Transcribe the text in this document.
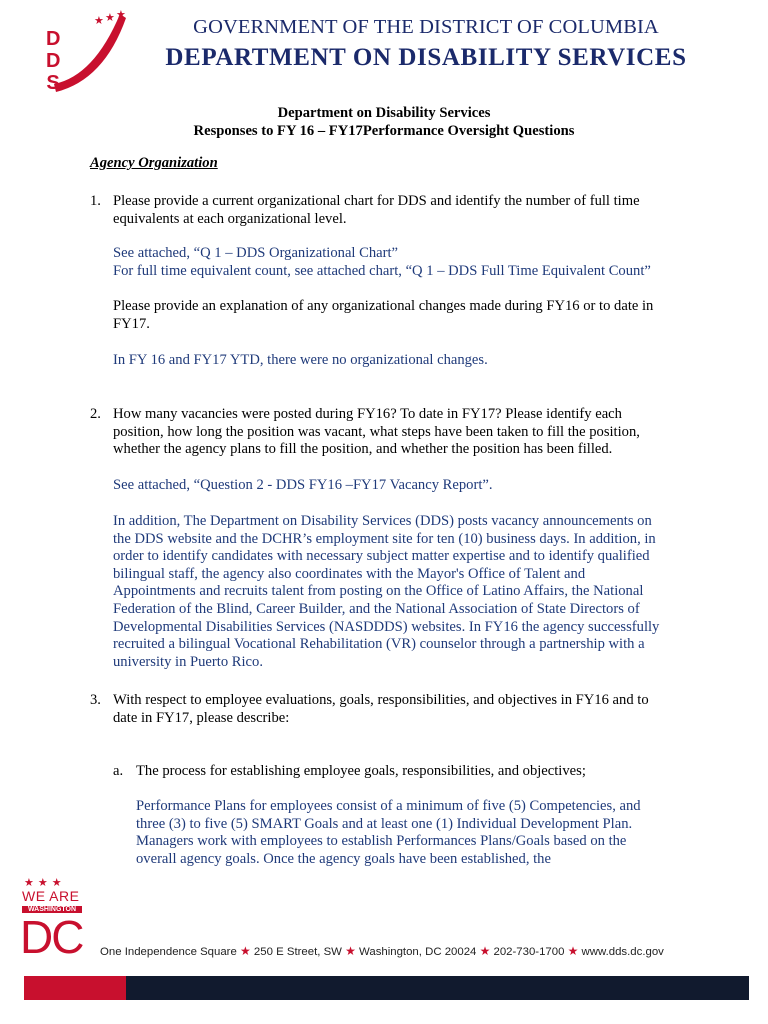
★ ★ ★
DDS
GOVERNMENT OF THE DISTRICT OF COLUMBIA
DEPARTMENT ON DISABILITY SERVICES
Department on Disability Services
Responses to FY 16 – FY17Performance Oversight Questions
Agency Organization
1. Please provide a current organizational chart for DDS and identify the number of full time
equivalents at each organizational level.
See attached, “Q 1 – DDS Organizational Chart”
For full time equivalent count, see attached chart, “Q 1 – DDS Full Time Equivalent Count”
Please provide an explanation of any organizational changes made during FY16 or to date in
FY17.
In FY 16 and FY17 YTD, there were no organizational changes.
2. How many vacancies were posted during FY16? To date in FY17? Please identify each
position, how long the position was vacant, what steps have been taken to fill the position,
whether the agency plans to fill the position, and whether the position has been filled.
See attached, “Question 2 - DDS FY16 –FY17 Vacancy Report”.
In addition, The Department on Disability Services (DDS) posts vacancy announcements on
the DDS website and the DCHR’s employment site for ten (10) business days. In addition, in
order to identify candidates with necessary subject matter expertise and to identify qualified
bilingual staff, the agency also coordinates with the Mayor's Office of Talent and
Appointments and recruits talent from posting on the Office of Latino Affairs, the National
Federation of the Blind, Career Builder, and the National Association of State Directors of
Developmental Disabilities Services (NASDDDS) websites. In FY16 the agency successfully
recruited a bilingual Vocational Rehabilitation (VR) counselor through a partnership with a
university in Puerto Rico.
3. With respect to employee evaluations, goals, responsibilities, and objectives in FY16 and to
date in FY17, please describe:
a. The process for establishing employee goals, responsibilities, and objectives;
Performance Plans for employees consist of a minimum of five (5) Competencies, and
three (3) to five (5) SMART Goals and at least one (1) Individual Development Plan.
Managers work with employees to establish Performances Plans/Goals based on the
overall agency goals. Once the agency goals have been established, the
★★★
WE ARE
WASHINGTON
DC One Independence Square ★ 250 E Street, SW ★ Washington, DC 20024 ★ 202-730-1700 ★ www.dds.dc.gov
